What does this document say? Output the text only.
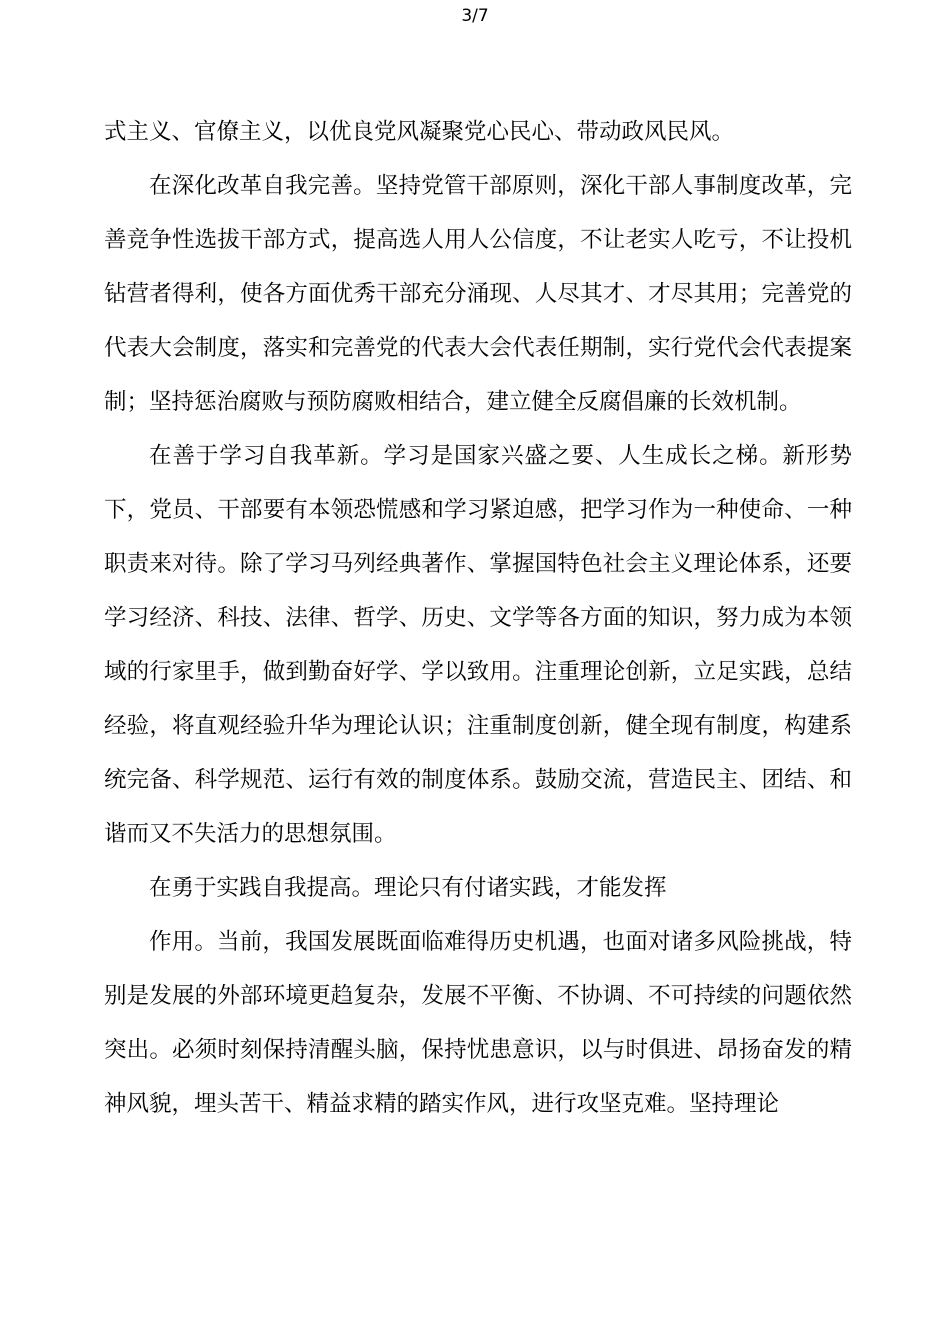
3/7

式主义、官僚主义，以优良党风凝聚党心民心、带动政风民风。

在深化改革自我完善。坚持党管干部原则，深化干部人事制度改革，完善竞争性选拔干部方式，提高选人用人公信度，不让老实人吃亏，不让投机钻营者得利，使各方面优秀干部充分涌现、人尽其才、才尽其用；完善党的代表大会制度，落实和完善党的代表大会代表任期制，实行党代会代表提案制；坚持惩治腐败与预防腐败相结合，建立健全反腐倡廉的长效机制。

在善于学习自我革新。学习是国家兴盛之要、人生成长之梯。新形势下，党员、干部要有本领恐慌感和学习紧迫感，把学习作为一种使命、一种职责来对待。除了学习马列经典著作、掌握国特色社会主义理论体系，还要学习经济、科技、法律、哲学、历史、文学等各方面的知识，努力成为本领域的行家里手，做到勤奋好学、学以致用。注重理论创新，立足实践，总结经验，将直观经验升华为理论认识；注重制度创新，健全现有制度，构建系统完备、科学规范、运行有效的制度体系。鼓励交流，营造民主、团结、和谐而又不失活力的思想氛围。

在勇于实践自我提高。理论只有付诸实践，才能发挥

作用。当前，我国发展既面临难得历史机遇，也面对诸多风险挑战，特别是发展的外部环境更趋复杂，发展不平衡、不协调、不可持续的问题依然突出。必须时刻保持清醒头脑，保持忧患意识，以与时俱进、昂扬奋发的精神风貌，埋头苦干、精益求精的踏实作风，进行攻坚克难。坚持理论
